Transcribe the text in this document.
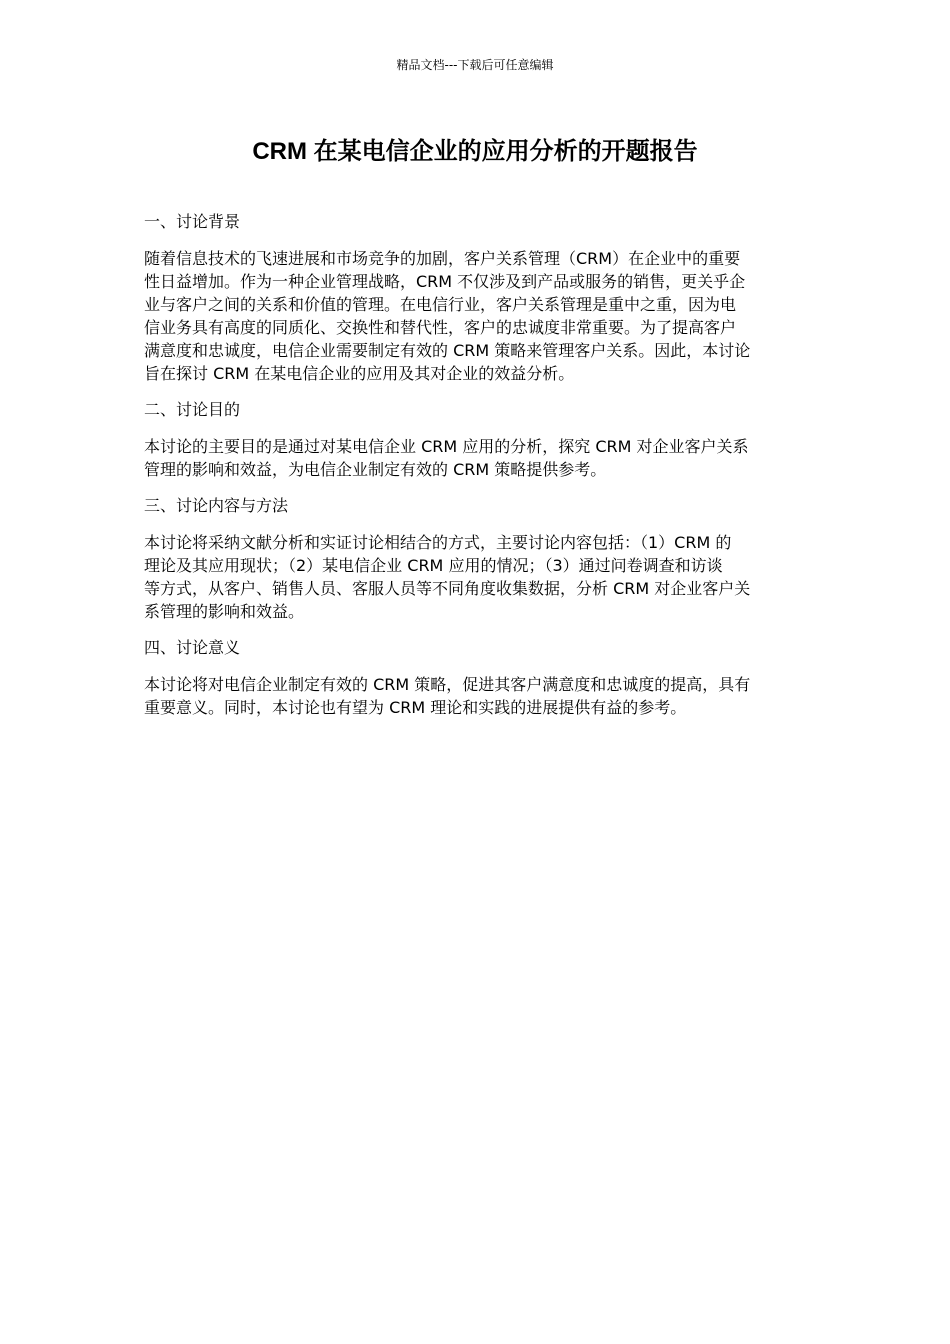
精品文档---下载后可任意编辑
CRM 在某电信企业的应用分析的开题报告
一、讨论背景

随着信息技术的飞速进展和市场竞争的加剧，客户关系管理（CRM）在企业中的重要
性日益增加。作为一种企业管理战略，CRM 不仅涉及到产品或服务的销售，更关乎企
业与客户之间的关系和价值的管理。在电信行业，客户关系管理是重中之重，因为电
信业务具有高度的同质化、交换性和替代性，客户的忠诚度非常重要。为了提高客户
满意度和忠诚度，电信企业需要制定有效的 CRM 策略来管理客户关系。因此，本讨论
旨在探讨 CRM 在某电信企业的应用及其对企业的效益分析。

二、讨论目的

本讨论的主要目的是通过对某电信企业 CRM 应用的分析，探究 CRM 对企业客户关系
管理的影响和效益，为电信企业制定有效的 CRM 策略提供参考。

三、讨论内容与方法

本讨论将采纳文献分析和实证讨论相结合的方式，主要讨论内容包括：（1）CRM 的
理论及其应用现状；（2）某电信企业 CRM 应用的情况；（3）通过问卷调查和访谈
等方式，从客户、销售人员、客服人员等不同角度收集数据，分析 CRM 对企业客户关
系管理的影响和效益。

四、讨论意义

本讨论将对电信企业制定有效的 CRM 策略，促进其客户满意度和忠诚度的提高，具有
重要意义。同时，本讨论也有望为 CRM 理论和实践的进展提供有益的参考。
